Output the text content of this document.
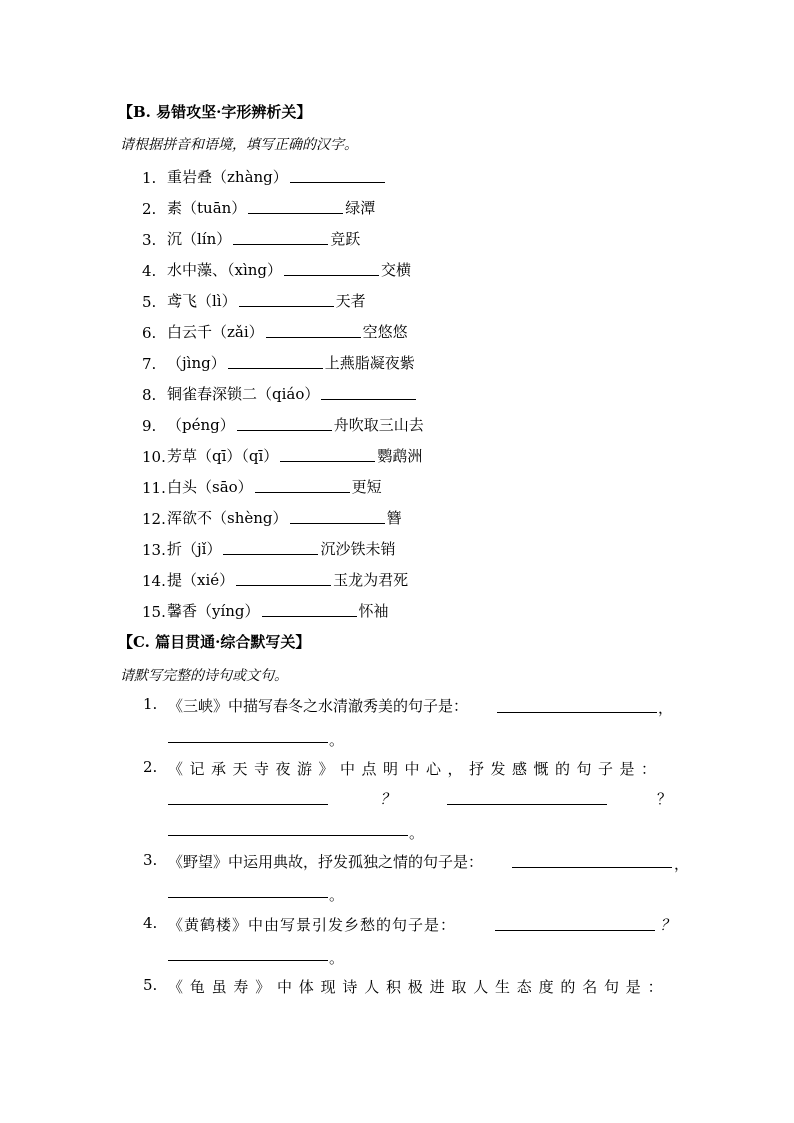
【B. 易错攻坚·字形辨析关】
请根据拼音和语境，填写正确的汉字。
1. 重岩叠（zhàng）
2. 素（tuān）	绿潭
3. 沉（lín）	竞跃
4. 水中藻、（xìng）	交横
5. 鸢飞（lì）	天者
6. 白云千（zǎi）	空悠悠
7. （jìng）	上燕脂凝夜紫
8. 铜雀春深锁二（qiáo）
9. （péng）	舟吹取三山去
10. 芳草（qī）（qī）	鹦鹉洲
11. 白头（sāo）	更短
12. 浑欲不（shèng）	簪
13. 折（jǐ）	沉沙铁未销
14. 提（xié）	玉龙为君死
15. 馨香（yíng）	怀袖
【C. 篇目贯通·综合默写关】
请默写完整的诗句或文句。
1. 《三峡》中描写春冬之水清澈秀美的句子是：	，
。
2. 《记承天寺夜游》中点明中心，抒发感慨的句子是：
？	？
。
3. 《野望》中运用典故，抒发孤独之情的句子是：	，
。
4. 《黄鹤楼》中由写景引发乡愁的句子是：	？
。
5. 《龟虽寿》中体现诗人积极进取人生态度的名句是：
